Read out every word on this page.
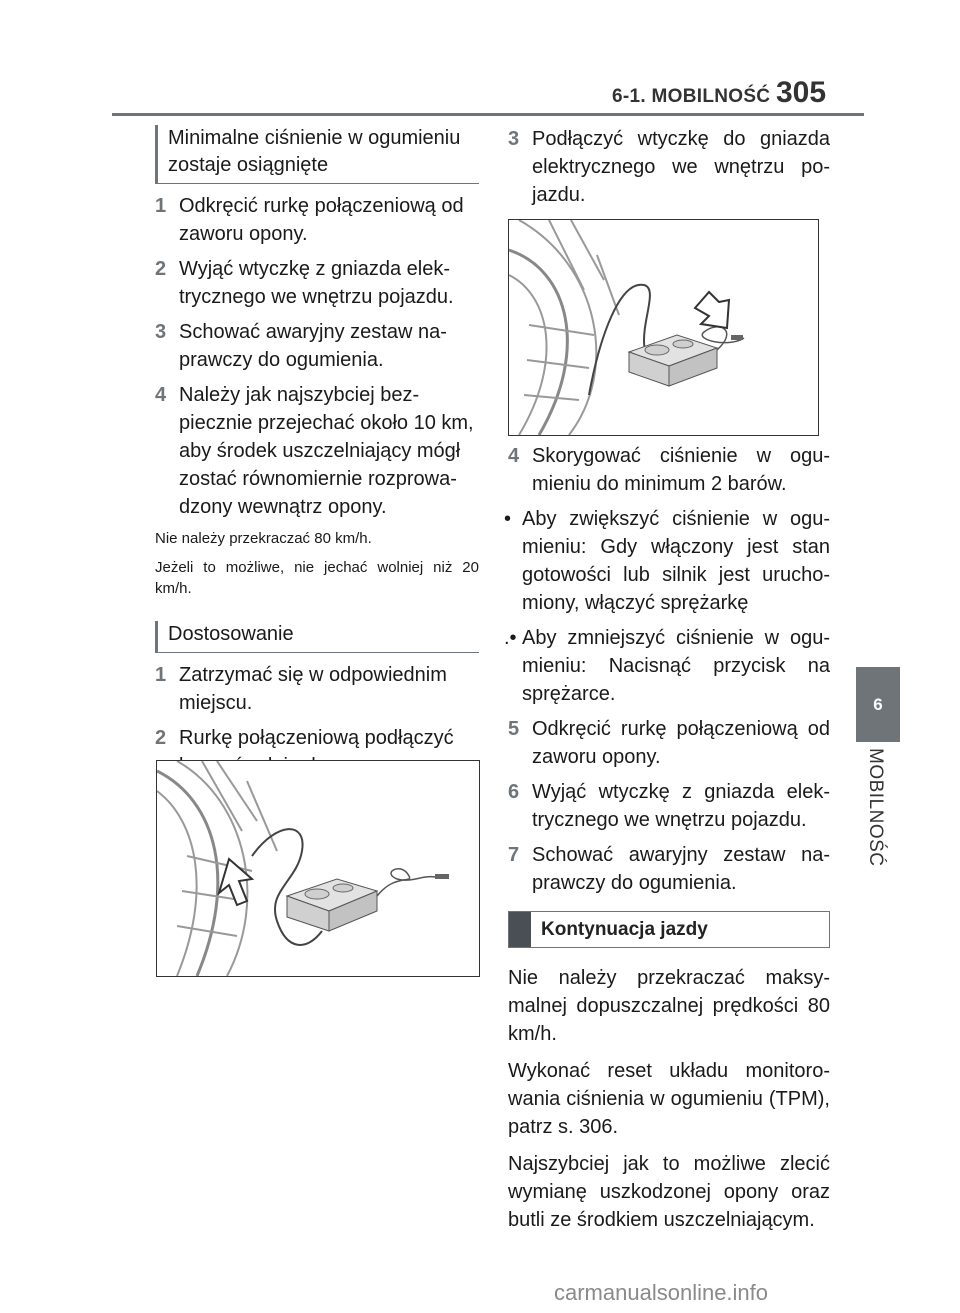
6-1. MOBILNOŚĆ 305
6
MOBILNOŚĆ
Minimalne ciśnienie w ogumieniu zostaje osiągnięte
1 Odkręcić rurkę połączeniową od zaworu opony.
2 Wyjąć wtyczkę z gniazda elek- trycznego we wnętrzu pojazdu.
3 Schować awaryjny zestaw na- prawczy do ogumienia.
4 Należy jak najszybciej bez- piecznie przejechać około 10 km, aby środek uszczelniający mógł zostać równomiernie rozprowa- dzony wewnątrz opony.
Nie należy przekraczać 80 km/h.
Jeżeli to możliwe, nie jechać wolniej niż 20 km/h.
Dostosowanie
1 Zatrzymać się w odpowiednim miejscu.
2 Rurkę połączeniową podłączyć
3 Podłączyć wtyczkę do gniazda elektrycznego we wnętrzu po- jazdu.
4 Skorygować ciśnienie w ogu- mieniu do minimum 2 barów.
• Aby zwiększyć ciśnienie w ogu- mieniu: Gdy włączony jest stan gotowości lub silnik jest urucho- miony, włączyć sprężarkę
.• Aby zmniejszyć ciśnienie w ogu- mieniu: Nacisnąć przycisk na sprężarce.
5 Odkręcić rurkę połączeniową od zaworu opony.
6 Wyjąć wtyczkę z gniazda elek- trycznego we wnętrzu pojazdu.
7 Schować awaryjny zestaw na- prawczy do ogumienia.
Kontynuacja jazdy
Nie należy przekraczać maksy- malnej dopuszczalnej prędkości 80 km/h.
Wykonać reset układu monitoro- wania ciśnienia w ogumieniu (TPM), patrz s. 306.
Najszybciej jak to możliwe zlecić wymianę uszkodzonej opony oraz butli ze środkiem uszczelniającym.
carmanualsonline.info
